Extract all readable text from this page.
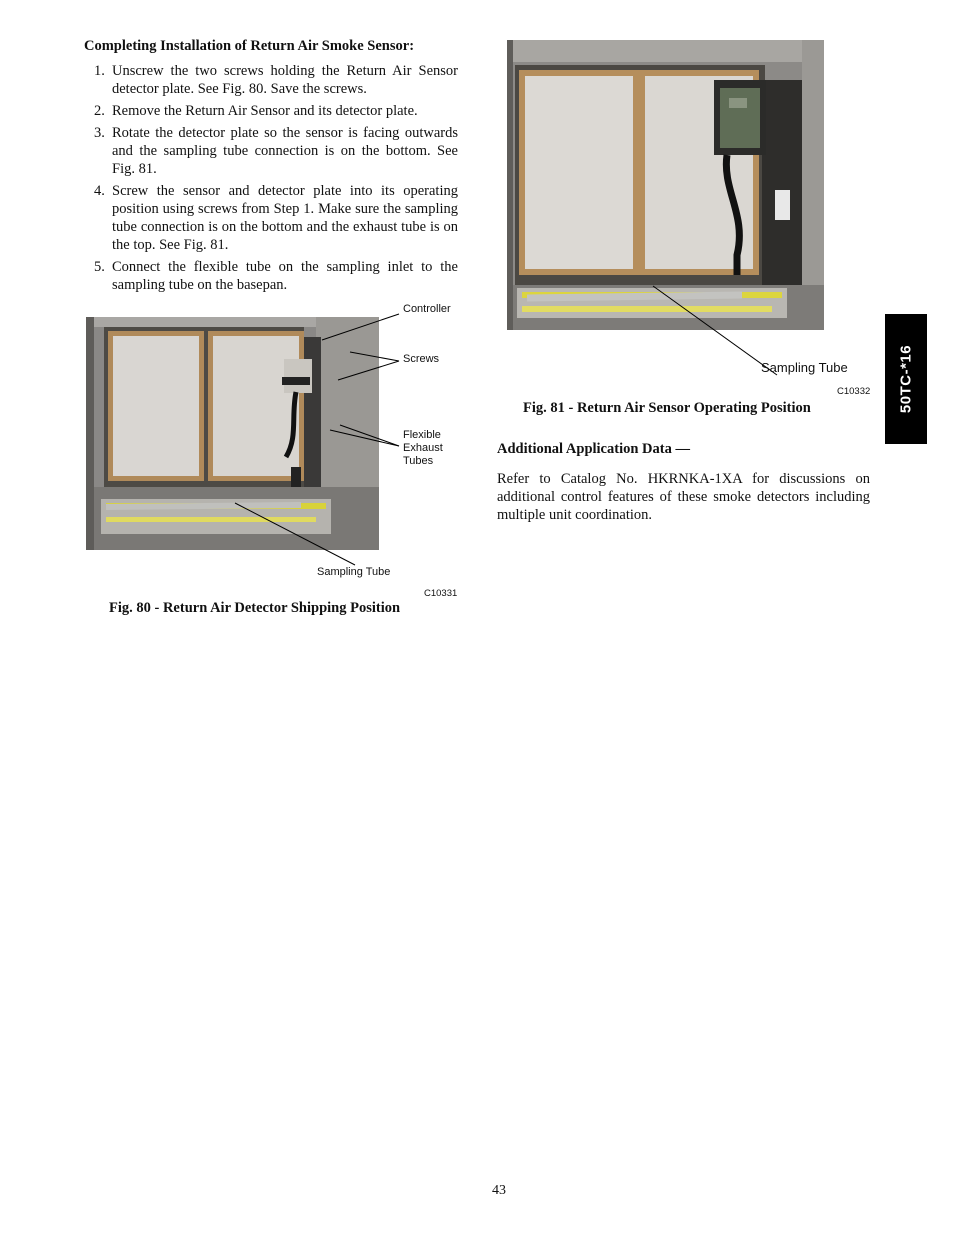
Completing Installation of Return Air Smoke Sensor:
1. Unscrew the two screws holding the Return Air Sensor detector plate. See Fig. 80. Save the screws.
2. Remove the Return Air Sensor and its detector plate.
3. Rotate the detector plate so the sensor is facing outwards and the sampling tube connection is on the bottom. See Fig. 81.
4. Screw the sensor and detector plate into its operating position using screws from Step 1. Make sure the sampling tube connection is on the bottom and the exhaust tube is on the top. See Fig. 81.
5. Connect the flexible tube on the sampling inlet to the sampling tube on the basepan.
Controller
Screws
Flexible
Exhaust
Tubes
Sampling Tube
C10331
Fig. 80 - Return Air Detector Shipping Position
Sampling Tube
C10332
Fig. 81 - Return Air Sensor Operating Position
Additional Application Data —
Refer to Catalog No. HKRNKA-1XA for discussions on additional control features of these smoke detectors including multiple unit coordination.
50TC-*16
43
